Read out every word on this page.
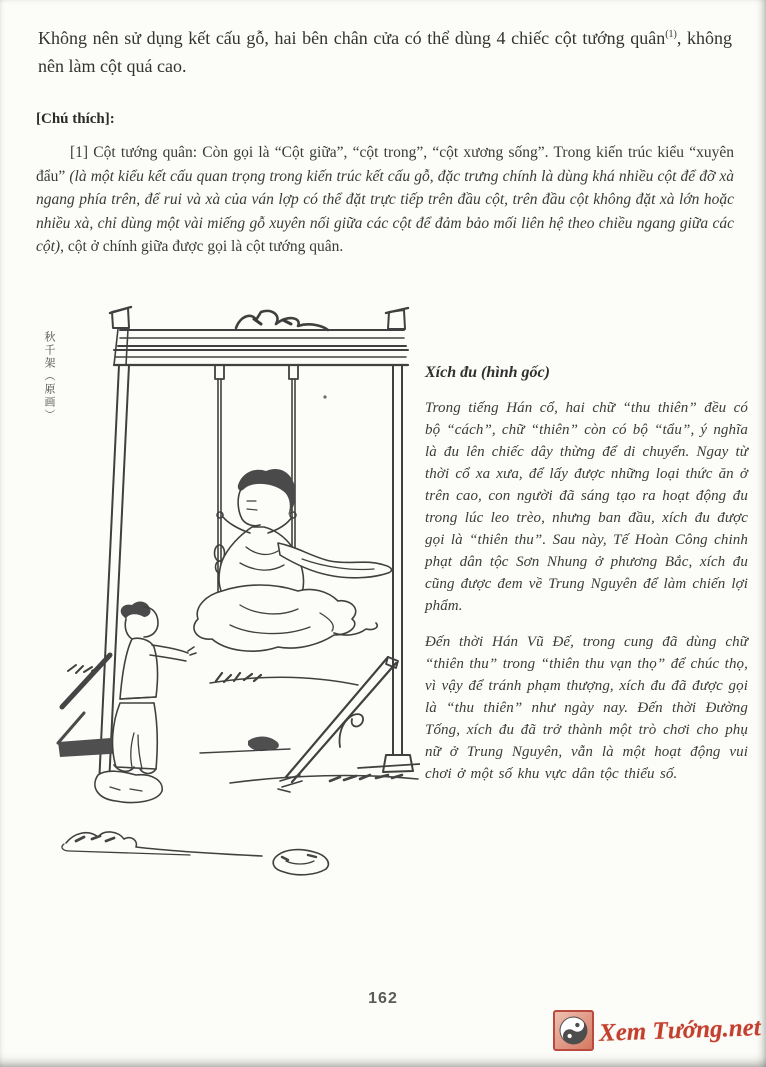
Không nên sử dụng kết cấu gỗ, hai bên chân cửa có thể dùng 4 chiếc cột tướng quân$^{(1)}$, không nên làm cột quá cao.

[Chú thích]:

[1] Cột tướng quân: Còn gọi là “Cột giữa”, “cột trong”, “cột xương sống”. Trong kiến trúc kiểu “xuyên đẩu” (là một kiểu kết cấu quan trọng trong kiến trúc kết cấu gỗ, đặc trưng chính là dùng khá nhiều cột để đỡ xà ngang phía trên, để rui và xà của ván lợp có thể đặt trực tiếp trên đầu cột, trên đầu cột không đặt xà lớn hoặc nhiều xà, chỉ dùng một vài miếng gỗ xuyên nối giữa các cột để đảm bảo mối liên hệ theo chiều ngang giữa các cột), cột ở chính giữa được gọi là cột tướng quân.

秋千架（原画）	Xích đu (hình gốc)

Trong tiếng Hán cổ, hai chữ “thu thiên” đều có bộ “cách”, chữ “thiên” còn có bộ “tẩu”, ý nghĩa là đu lên chiếc dây thừng để di chuyển. Ngay từ thời cổ xa xưa, để lấy được những loại thức ăn ở trên cao, con người đã sáng tạo ra hoạt động đu trong lúc leo trèo, nhưng ban đầu, xích đu được gọi là “thiên thu”. Sau này, Tế Hoàn Công chinh phạt dân tộc Sơn Nhung ở phương Bắc, xích đu cũng được đem về Trung Nguyên để làm chiến lợi phẩm.

Đến thời Hán Vũ Đế, trong cung đã dùng chữ “thiên thu” trong “thiên thu vạn thọ” để chúc thọ, vì vậy để tránh phạm thượng, xích đu đã được gọi là “thu thiên” như ngày nay. Đến thời Đường Tống, xích đu đã trở thành một trò chơi cho phụ nữ ở Trung Nguyên, vẫn là một hoạt động vui chơi ở một số khu vực dân tộc thiểu số.

162
Xem Tướng.net
